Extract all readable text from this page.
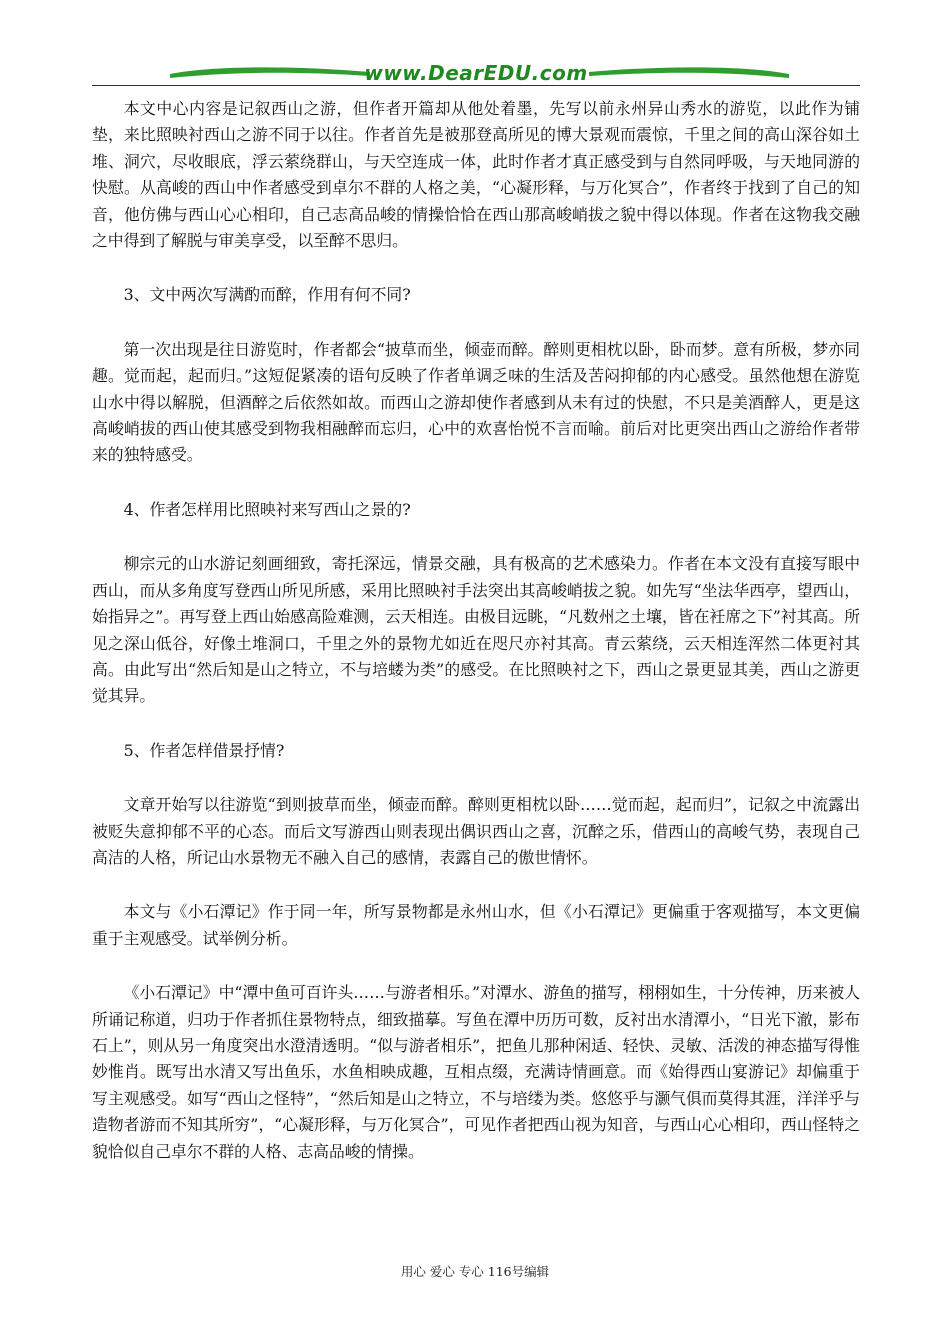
www.DearEDU.com

本文中心内容是记叙西山之游，但作者开篇却从他处着墨，先写以前永州异山秀水的游览，以此作为铺垫，来比照映衬西山之游不同于以往。作者首先是被那登高所见的博大景观而震惊，千里之间的高山深谷如土堆、洞穴，尽收眼底，浮云萦绕群山，与天空连成一体，此时作者才真正感受到与自然同呼吸，与天地同游的快慰。从高峻的西山中作者感受到卓尔不群的人格之美，“心凝形释，与万化冥合”，作者终于找到了自己的知音，他仿佛与西山心心相印，自己志高品峻的情操恰恰在西山那高峻峭拔之貌中得以体现。作者在这物我交融之中得到了解脱与审美享受，以至醉不思归。

3、文中两次写满酌而醉，作用有何不同?

第一次出现是往日游览时，作者都会“披草而坐，倾壶而醉。醉则更相枕以卧，卧而梦。意有所极，梦亦同趣。觉而起，起而归。”这短促紧凑的语句反映了作者单调乏味的生活及苦闷抑郁的内心感受。虽然他想在游览山水中得以解脱，但酒醉之后依然如故。而西山之游却使作者感到从未有过的快慰，不只是美酒醉人，更是这高峻峭拔的西山使其感受到物我相融醉而忘归，心中的欢喜怡悦不言而喻。前后对比更突出西山之游给作者带来的独特感受。

4、作者怎样用比照映衬来写西山之景的?

柳宗元的山水游记刻画细致，寄托深远，情景交融，具有极高的艺术感染力。作者在本文没有直接写眼中西山，而从多角度写登西山所见所感，采用比照映衬手法突出其高峻峭拔之貌。如先写“坐法华西亭，望西山，始指异之”。再写登上西山始感高险难测，云天相连。由极目远眺，“凡数州之土壤，皆在衽席之下”衬其高。所见之深山低谷，好像土堆洞口，千里之外的景物尤如近在咫尺亦衬其高。青云萦绕，云天相连浑然二体更衬其高。由此写出“然后知是山之特立，不与培蝼为类”的感受。在比照映衬之下，西山之景更显其美，西山之游更觉其异。

5、作者怎样借景抒情?

文章开始写以往游览“到则披草而坐，倾壶而醉。醉则更相枕以卧……觉而起，起而归”，记叙之中流露出被贬失意抑郁不平的心态。而后文写游西山则表现出偶识西山之喜，沉醉之乐，借西山的高峻气势，表现自己高洁的人格，所记山水景物无不融入自己的感情，表露自己的傲世情怀。

本文与《小石潭记》作于同一年，所写景物都是永州山水，但《小石潭记》更偏重于客观描写，本文更偏重于主观感受。试举例分析。

《小石潭记》中“潭中鱼可百许头……与游者相乐。”对潭水、游鱼的描写，栩栩如生，十分传神，历来被人所诵记称道，归功于作者抓住景物特点，细致描摹。写鱼在潭中历历可数，反衬出水清潭小，“日光下澈，影布石上”，则从另一角度突出水澄清透明。“似与游者相乐”，把鱼儿那种闲适、轻快、灵敏、活泼的神态描写得惟妙惟肖。既写出水清又写出鱼乐，水鱼相映成趣，互相点缀，充满诗情画意。而《始得西山宴游记》却偏重于写主观感受。如写“西山之怪特”，“然后知是山之特立，不与培缕为类。悠悠乎与灏气俱而莫得其涯，洋洋乎与造物者游而不知其所穷”，“心凝形释，与万化冥合”，可见作者把西山视为知音，与西山心心相印，西山怪特之貌恰似自己卓尔不群的人格、志高品峻的情操。

用心 爱心 专心 116号编辑
